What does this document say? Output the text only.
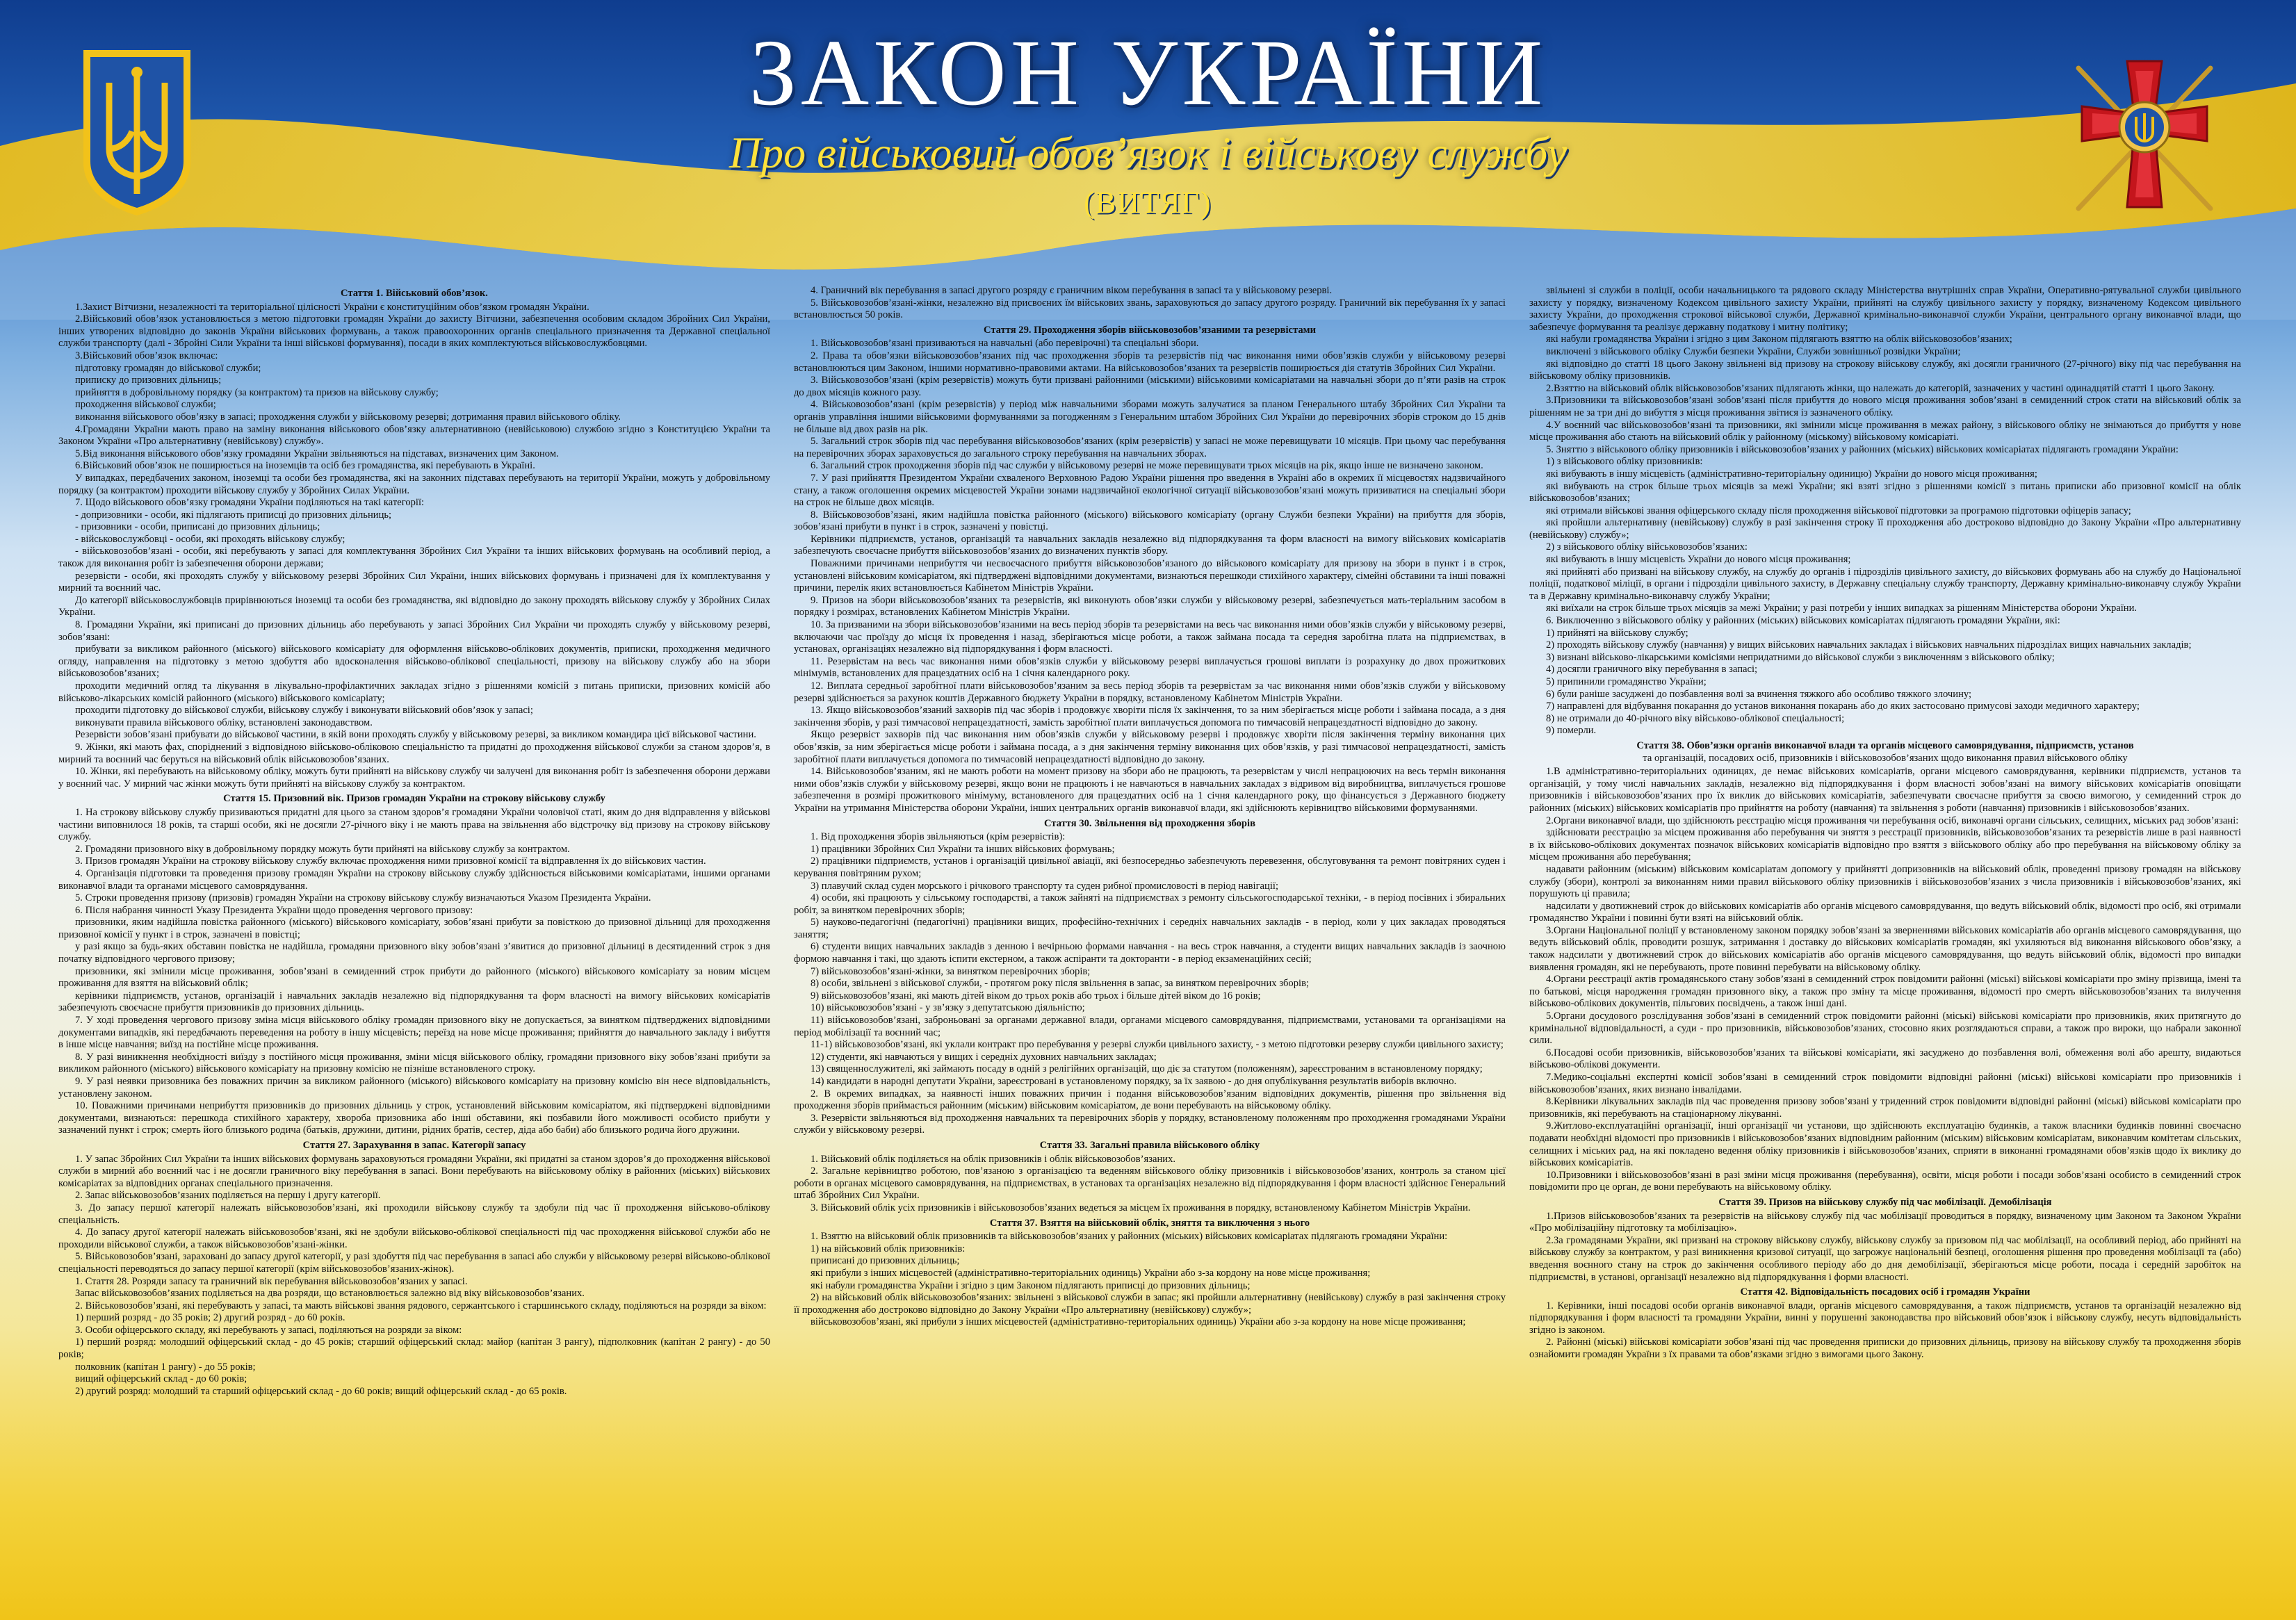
ЗАКОН УКРАЇНИ
Про військовий обов’язок і військову службу
(ВИТЯГ)

Стаття 1. Військовий обов’язок.

1.Захист Вітчизни, незалежності та територіальної цілісності України є конституційним обов’язком громадян України.

2.Військовий обов’язок установлюється з метою підготовки громадян України до захисту Вітчизни, забезпечення особовим складом Збройних Сил України, інших утворених відповідно до законів України військових формувань, а також правоохоронних органів спеціального призначення та Державної спеціальної служби транспорту (далі - Збройні Сили України та інші військові формування), посади в яких комплектуються військовослужбовцями.

3.Військовий обов’язок включає:

підготовку громадян до військової служби;

приписку до призовних дільниць;

прийняття в добровільному порядку (за контрактом) та призов на військову службу;

проходження військової служби;

виконання військового обов’язку в запасі; проходження служби у військовому резерві; дотримання правил військового обліку.

4.Громадяни України мають право на заміну виконання військового обов’язку альтернативною (невійськовою) службою згідно з Конституцією України та Законом України «Про альтернативну (невійськову) службу».

5.Від виконання військового обов’язку громадяни України звільняються на підставах, визначених цим Законом.

6.Військовий обов’язок не поширюється на іноземців та осіб без громадянства, які перебувають в Україні.

У випадках, передбачених законом, іноземці та особи без громадянства, які на законних підставах перебувають на території України, можуть у добровільному порядку (за контрактом) проходити військову службу у Збройних Силах України.

7. Щодо військового обов’язку громадяни України поділяються на такі категорії:

- допризовники - особи, які підлягають приписці до призовних дільниць;

- призовники - особи, приписані до призовних дільниць;

- військовослужбовці - особи, які проходять військову службу;

- військовозобов’язані - особи, які перебувають у запасі для комплектування Збройних Сил України та інших військових формувань на особливий період, а також для виконання робіт із забезпечення оборони держави;

резервісти - особи, які проходять службу у військовому резерві Збройних Сил України, інших військових формувань і призначені для їх комплектування у мирний та воєнний час.

До категорії військовослужбовців прирівнюються іноземці та особи без громадянства, які відповідно до закону проходять військову службу у Збройних Силах України.

8. Громадяни України, які приписані до призовних дільниць або перебувають у запасі Збройних Сил України чи проходять службу у військовому резерві, зобов’язані:

прибувати за викликом районного (міського) військового комісаріату для оформлення військово-облікових документів, приписки, проходження медичного огляду, направлення на підготовку з метою здобуття або вдосконалення військово-облікової спеціальності, призову на військову службу або на збори військовозобов’язаних;

проходити медичний огляд та лікування в лікувально-профілактичних закладах згідно з рішеннями комісій з питань приписки, призовних комісій або військово-лікарських комісій районного (міського) військового комісаріату;

проходити підготовку до військової служби, військову службу і виконувати військовий обов’язок у запасі;

виконувати правила військового обліку, встановлені законодавством.

Резервісти зобов’язані прибувати до військової частини, в якій вони проходять службу у військовому резерві, за викликом командира цієї військової частини.

9. Жінки, які мають фах, споріднений з відповідною військово-обліковою спеціальністю та придатні до проходження військової служби за станом здоров’я, в мирний та воєнний час беруться на військовий облік військовозобов’язаних.

10. Жінки, які перебувають на військовому обліку, можуть бути прийняті на військову службу чи залучені для виконання робіт із забезпечення оборони держави у воєнний час. У мирний час жінки можуть бути прийняті на військову службу за контрактом.

Стаття 15. Призовний вік. Призов громадян України на строкову військову службу

1. На строкову військову службу призиваються придатні для цього за станом здоров’я громадяни України чоловічої статі, яким до дня відправлення у військові частини виповнилося 18 років, та старші особи, які не досягли 27-річного віку і не мають права на звільнення або відстрочку від призову на строкову військову службу.

2. Громадяни призовного віку в добровільному порядку можуть бути прийняті на військову службу за контрактом.

3. Призов громадян України на строкову військову службу включає проходження ними призовної комісії та відправлення їх до військових частин.

4. Організація підготовки та проведення призову громадян України на строкову військову службу здійснюється військовими комісаріатами, іншими органами виконавчої влади та органами місцевого самоврядування.

5. Строки проведення призову (призовів) громадян України на строкову військову службу визначаються Указом Президента України.

6. Після набрання чинності Указу Президента України щодо проведення чергового призову:

призовники, яким надійшла повістка районного (міського) військового комісаріату, зобов’язані прибути за повісткою до призовної дільниці для проходження призовної комісії у пункт і в строк, зазначені в повістці;

у разі якщо за будь-яких обставин повістка не надійшла, громадяни призовного віку зобов’язані з’явитися до призовної дільниці в десятиденний строк з дня початку відповідного чергового призову;

призовники, які змінили місце проживання, зобов’язані в семиденний строк прибути до районного (міського) військового комісаріату за новим місцем проживання для взяття на військовий облік;

керівники підприємств, установ, організацій і навчальних закладів незалежно від підпорядкування та форм власності на вимогу військових комісаріатів забезпечують своєчасне прибуття призовників до призовних дільниць.

7. У ході проведення чергового призову зміна місця військового обліку громадян призовного віку не допускається, за винятком підтверджених відповідними документами випадків, які передбачають переведення на роботу в іншу місцевість; переїзд на нове місце проживання; прийняття до навчального закладу і вибуття в інше місце навчання; виїзд на постійне місце проживання.

8. У разі виникнення необхідності виїзду з постійного місця проживання, зміни місця військового обліку, громадяни призовного віку зобов’язані прибути за викликом районного (міського) військового комісаріату на призовну комісію не пізніше встановленого строку.

9. У разі неявки призовника без поважних причин за викликом районного (міського) військового комісаріату на призовну комісію він несе відповідальність, установлену законом.

10. Поважними причинами неприбуття призовників до призовних дільниць у строк, установлений військовим комісаріатом, які підтверджені відповідними документами, визнаються: перешкода стихійного характеру, хвороба призовника або інші обставини, які позбавили його можливості особисто прибути у зазначений пункт і строк; смерть його близького родича (батьків, дружини, дитини, рідних братів, сестер, діда або баби) або близького родича його дружини.

Стаття 27. Зарахування в запас. Категорії запасу

1. У запас Збройних Сил України та інших військових формувань зараховуються громадяни України, які придатні за станом здоров’я до проходження військової служби в мирний або воєнний час і не досягли граничного віку перебування в запасі. Вони перебувають на військовому обліку в районних (міських) військових комісаріатах за відповідних органах спеціального призначення.

2. Запас військовозобов’язаних поділяється на першу і другу категорії.

3. До запасу першої категорії належать військовозобов’язані, які проходили військову службу та здобули під час її проходження військово-облікову спеціальність.

4. До запасу другої категорії належать військовозобов’язані, які не здобули військово-облікової спеціальності під час проходження військової служби або не проходили військової служби, а також військовозобов’язані-жінки.

5. Військовозобов’язані, зараховані до запасу другої категорії, у разі здобуття під час перебування в запасі або служби у військовому резерві військово-облікової спеціальності переводяться до запасу першої категорії (крім військовозобов’язаних-жінок).

1. Стаття 28. Розряди запасу та граничний вік перебування військовозобов’язаних у запасі.

Запас військовозобов’язаних поділяється на два розряди, що встановлюється залежно від віку військовозобов’язаних.

2. Військовозобов’язані, які перебувають у запасі, та мають військові звання рядового, сержантського і старшинського складу, поділяються на розряди за віком:

1) перший розряд - до 35 років; 2) другий розряд - до 60 років.

3. Особи офіцерського складу, які перебувають у запасі, поділяються на розряди за віком:

1) перший розряд: молодший офіцерський склад - до 45 років; старший офіцерський склад: майор (капітан 3 рангу), підполковник (капітан 2 рангу) - до 50 років;

полковник (капітан 1 рангу) - до 55 років;

вищий офіцерський склад - до 60 років;

2) другий розряд: молодший та старший офіцерський склад - до 60 років; вищий офіцерський склад - до 65 років.

4. Граничний вік перебування в запасі другого розряду є граничним віком перебування в запасі та у військовому резерві.

5. Військовозобов’язані-жінки, незалежно від присвоєних їм військових звань, зараховуються до запасу другого розряду. Граничний вік перебування їх у запасі встановлюється 50 років.

Стаття 29. Проходження зборів військовозобов’язаними та резервістами

1. Військовозобов’язані призиваються на навчальні (або перевірочні) та спеціальні збори.

2. Права та обов’язки військовозобов’язаних під час проходження зборів та резервістів під час виконання ними обов’язків служби у військовому резерві встановлюються цим Законом, іншими нормативно-правовими актами. На військовозобов’язаних та резервістів поширюється дія статутів Збройних Сил України.

3. Військовозобов’язані (крім резервістів) можуть бути призвані районними (міськими) військовими комісаріатами на навчальні збори до п’яти разів на строк до двох місяців кожного разу.

4. Військовозобов’язані (крім резервістів) у період між навчальними зборами можуть залучатися за планом Генерального штабу Збройних Сил України та органів управління іншими військовими формуваннями за погодженням з Генеральним штабом Збройних Сил України до перевірочних зборів строком до 15 днів не більше від двох разів на рік.

5. Загальний строк зборів під час перебування військовозобов’язаних (крім резервістів) у запасі не може перевищувати 10 місяців. При цьому час перебування на перевірочних зборах зараховується до загального строку перебування на навчальних зборах.

6. Загальний строк проходження зборів під час служби у військовому резерві не може перевищувати трьох місяців на рік, якщо інше не визначено законом.

7. У разі прийняття Президентом України схваленого Верховною Радою України рішення про введення в Україні або в окремих її місцевостях надзвичайного стану, а також оголошення окремих місцевостей України зонами надзвичайної екологічної ситуації військовозобов’язані можуть призиватися на спеціальні збори на строк не більше двох місяців.

8. Військовозобов’язані, яким надійшла повістка районного (міського) військового комісаріату (органу Служби безпеки України) на прибуття для зборів, зобов’язані прибути в пункт і в строк, зазначені у повістці.

Керівники підприємств, установ, організацій та навчальних закладів незалежно від підпорядкування та форм власності на вимогу військових комісаріатів забезпечують своєчасне прибуття військовозобов’язаних до визначених пунктів збору.

Поважними причинами неприбуття чи несвоєчасного прибуття військовозобов’язаного до військового комісаріату для призову на збори в пункт і в строк, установлені військовим комісаріатом, які підтверджені відповідними документами, визнаються перешкоди стихійного характеру, сімейні обставини та інші поважні причини, перелік яких встановлюється Кабінетом Міністрів України.

9. Призов на збори військовозобов’язаних та резервістів, які виконують обов’язки служби у військовому резерві, забезпечується мать-теріальним засобом в порядку і розмірах, встановлених Кабінетом Міністрів України.

10. За призваними на збори військовозобов’язаними на весь період зборів та резервістами на весь час виконання ними обов’язків служби у військовому резерві, включаючи час проїзду до місця їх проведення і назад, зберігаються місце роботи, а також займана посада та середня заробітна плата на підприємствах, в установах, організаціях незалежно від підпорядкування і форм власності.

11. Резервістам на весь час виконання ними обов’язків служби у військовому резерві виплачується грошові виплати із розрахунку до двох прожиткових мінімумів, встановлених для працездатних осіб на 1 січня календарного року.

12. Виплата середньої заробітної плати військовозобов’язаним за весь період зборів та резервістам за час виконання ними обов’язків служби у військовому резерві здійснюється за рахунок коштів Державного бюджету України в порядку, встановленому Кабінетом Міністрів України.

13. Якщо військовозобов’язаний захворів під час зборів і продовжує хворіти після їх закінчення, то за ним зберігається місце роботи і займана посада, а з дня закінчення зборів, у разі тимчасової непрацездатності, замість заробітної плати виплачується допомога по тимчасовій непрацездатності відповідно до закону.

Якщо резервіст захворів під час виконання ним обов’язків служби у військовому резерві і продовжує хворіти після закінчення терміну виконання цих обов’язків, за ним зберігається місце роботи і займана посада, а з дня закінчення терміну виконання цих обов’язків, у разі тимчасової непрацездатності, замість заробітної плати виплачується допомога по тимчасовій непрацездатності відповідно до закону.

14. Військовозобов’язаним, які не мають роботи на момент призову на збори або не працюють, та резервістам у числі непрацюючих на весь термін виконання ними обов’язків служби у військовому резерві, якщо вони не працюють і не навчаються в навчальних закладах з відривом від виробництва, виплачується грошове забезпечення в розмірі прожиткового мінімуму, встановленого для працездатних осіб на 1 січня календарного року, що фінансується з Державного бюджету України на утримання Міністерства оборони України, інших центральних органів виконавчої влади, які здійснюють керівництво військовими формуваннями.

Стаття 30. Звільнення від проходження зборів

1. Від проходження зборів звільняються (крім резервістів):

1) працівники Збройних Сил України та інших військових формувань;

2) працівники підприємств, установ і організацій цивільної авіації, які безпосередньо забезпечують перевезення, обслуговування та ремонт повітряних суден і керування повітряним рухом;

3) плавучий склад суден морського і річкового транспорту та суден рибної промисловості в період навігації;

4) особи, які працюють у сільському господарстві, а також зайняті на підприємствах з ремонту сільськогосподарської техніки, - в період посівних і збиральних робіт, за винятком перевірочних зборів;

5) науково-педагогічні (педагогічні) працівники вищих, професійно-технічних і середніх навчальних закладів - в період, коли у цих закладах проводяться заняття;

6) студенти вищих навчальних закладів з денною і вечірньою формами навчання - на весь строк навчання, а студенти вищих навчальних закладів із заочною формою навчання і такі, що здають іспити екстерном, а також аспіранти та докторанти - в період екзаменаційних сесій;

7) військовозобов’язані-жінки, за винятком перевірочних зборів;

8) особи, звільнені з військової служби, - протягом року після звільнення в запас, за винятком перевірочних зборів;

9) військовозобов’язані, які мають дітей віком до трьох років або трьох і більше дітей віком до 16 років;

10) військовозобов’язані - у зв’язку з депутатською діяльністю;

11) військовозобов’язані, заброньовані за органами державної влади, органами місцевого самоврядування, підприємствами, установами та організаціями на період мобілізації та воєнний час;

11-1) військовозобов’язані, які уклали контракт про перебування у резерві служби цивільного захисту, - з метою підготовки резерву служби цивільного захисту;

12) студенти, які навчаються у вищих і середніх духовних навчальних закладах;

13) священнослужителі, які займають посаду в одній з релігійних організацій, що діє за статутом (положенням), зареєстрованим в встановленому порядку;

14) кандидати в народні депутати України, зареєстровані в установленому порядку, за їх заявою - до дня опублікування результатів виборів включно.

2. В окремих випадках, за наявності інших поважних причин і подання військовозобов’язаним відповідних документів, рішення про звільнення від проходження зборів приймається районним (міським) військовим комісаріатом, де вони перебувають на військовому обліку.

3. Резервісти звільняються від проходження навчальних та перевірочних зборів у порядку, встановленому положенням про проходження громадянами України служби у військовому резерві.

Стаття 33. Загальні правила військового обліку

1. Військовий облік поділяється на облік призовників і облік військовозобов’язаних.

2. Загальне керівництво роботою, пов’язаною з організацією та веденням військового обліку призовників і військовозобов’язаних, контроль за станом цієї роботи в органах місцевого самоврядування, на підприємствах, в установах та організаціях незалежно від підпорядкування і форм власності здійснює Генеральний штаб Збройних Сил України.

3. Військовий облік усіх призовників і військовозобов’язаних ведеться за місцем їх проживання в порядку, встановленому Кабінетом Міністрів України.

Стаття 37. Взяття на військовий облік, зняття та виключення з нього

1. Взяттю на військовий облік призовників та військовозобов’язаних у районних (міських) військових комісаріатах підлягають громадяни України:

1) на військовий облік призовників:

приписані до призовних дільниць;

які прибули з інших місцевостей (адміністративно-територіальних одиниць) України або з-за кордону на нове місце проживання;

які набули громадянства України і згідно з цим Законом підлягають приписці до призовних дільниць;

2) на військовий облік військовозобов’язаних: звільнені з військової служби в запас; які пройшли альтернативну (невійськову) службу в разі закінчення строку її проходження або достроково відповідно до Закону України «Про альтернативну (невійськову) службу»;

військовозобов’язані, які прибули з інших місцевостей (адміністративно-територіальних одиниць) України або з-за кордону на нове місце проживання;

звільнені зі служби в поліції, особи начальницького та рядового складу Міністерства внутрішніх справ України, Оперативно-рятувальної служби цивільного захисту у порядку, визначеному Кодексом цивільного захисту України, прийняті на службу цивільного захисту у порядку, визначеному Кодексом цивільного захисту України, до проходження строкової військової служби, Державної кримінально-виконавчої служби України, центрального органу виконавчої влади, що забезпечує формування та реалізує державну податкову і митну політику;

які набули громадянства України і згідно з цим Законом підлягають взяттю на облік військовозобов’язаних;

виключені з військового обліку Служби безпеки України, Служби зовнішньої розвідки України;

які відповідно до статті 18 цього Закону звільнені від призову на строкову військову службу, які досягли граничного (27-річного) віку під час перебування на військовому обліку призовників.

2.Взяттю на військовий облік військовозобов’язаних підлягають жінки, що належать до категорій, зазначених у частині одинадцятій статті 1 цього Закону.

3.Призовники та військовозобов’язані зобов’язані після прибуття до нового місця проживання зобов’язані в семиденний строк стати на військовий облік за рішенням не за три дні до вибуття з місця проживання звітися із зазначеного обліку.

4.У воєнний час військовозобов’язані та призовники, які змінили місце проживання в межах району, з військового обліку не знімаються до прибуття у нове місце проживання або стають на військовий облік у районному (міському) військовому комісаріаті.

5. Зняттю з військового обліку призовників і військовозобов’язаних у районних (міських) військових комісаріатах підлягають громадяни України:

1) з військового обліку призовників:

які вибувають в іншу місцевість (адміністративно-територіальну одиницю) України до нового місця проживання;

які вибувають на строк більше трьох місяців за межі України; які взяті згідно з рішеннями комісії з питань приписки або призовної комісії на облік військовозобов’язаних;

які отримали військові звання офіцерського складу після проходження військової підготовки за програмою підготовки офіцерів запасу;

які пройшли альтернативну (невійськову) службу в разі закінчення строку її проходження або достроково відповідно до Закону України «Про альтернативну (невійськову) службу»;

2) з військового обліку військовозобов’язаних:

які вибувають в іншу місцевість України до нового місця проживання;

які прийняті або призвані на військову службу, на службу до органів і підрозділів цивільного захисту, до військових формувань або на службу до Національної поліції, податкової міліції, в органи і підрозділи цивільного захисту, в Державну спеціальну службу транспорту, Державну кримінально-виконавчу службу України та в Державну кримінально-виконавчу службу України;

які виїхали на строк більше трьох місяців за межі України; у разі потреби у інших випадках за рішенням Міністерства оборони України.

6. Виключенню з військового обліку у районних (міських) військових комісаріатах підлягають громадяни України, які:

1) прийняті на військову службу;

2) проходять військову службу (навчання) у вищих військових навчальних закладах і військових навчальних підрозділах вищих навчальних закладів;

3) визнані військово-лікарськими комісіями непридатними до військової служби з виключенням з військового обліку;

4) досягли граничного віку перебування в запасі;

5) припинили громадянство України;

6) були раніше засуджені до позбавлення волі за вчинення тяжкого або особливо тяжкого злочину;

7) направлені для відбування покарання до установ виконання покарань або до яких застосовано примусові заходи медичного характеру;

8) не отримали до 40-річного віку військово-облікової спеціальності;

9) померли.

Стаття 38. Обов’язки органів виконавчої влади та органів місцевого самоврядування, підприємств, установ
та організацій, посадових осіб, призовників і військовозобов’язаних щодо виконання правил військового обліку

1.В адміністративно-територіальних одиницях, де немає військових комісаріатів, органи місцевого самоврядування, керівники підприємств, установ та організацій, у тому числі навчальних закладів, незалежно від підпорядкування і форм власності зобов’язані на вимогу військових комісаріатів оповіщати призовників і військовозобов’язаних про їх виклик до військових комісаріатів, забезпечувати своєчасне прибуття за своєю вимогою, у семиденний строк до районних (міських) військових комісаріатів про прийняття на роботу (навчання) та звільнення з роботи (навчання) призовників і військовозобов’язаних.

2.Органи виконавчої влади, що здійснюють реєстрацію місця проживання чи перебування осіб, виконавчі органи сільських, селищних, міських рад зобов’язані:

здійснювати реєстрацію за місцем проживання або перебування чи зняття з реєстрації призовників, військовозобов’язаних та резервістів лише в разі наявності в їх військово-облікових документах позначок військових комісаріатів відповідно про взяття з військового обліку або про перебування на військовому обліку за місцем проживання або перебування;

надавати районним (міським) військовим комісаріатам допомогу у прийнятті допризовників на військовий облік, проведенні призову громадян на військову службу (збори), контролі за виконанням ними правил військового обліку призовників і військовозобов’язаних з числа призовників і військовозобов’язаних, які порушують ці правила;

надсилати у двотижневий строк до військових комісаріатів або органів місцевого самоврядування, що ведуть військовий облік, відомості про осіб, які отримали громадянство України і повинні бути взяті на військовий облік.

3.Органи Національної поліції у встановленому законом порядку зобов’язані за зверненнями військових комісаріатів або органів місцевого самоврядування, що ведуть військовий облік, проводити розшук, затримання і доставку до військових комісаріатів громадян, які ухиляються від виконання військового обов’язку, а також надсилати у двотижневий строк до військових комісаріатів або органів місцевого самоврядування, що ведуть військовий облік, відомості про випадки виявлення громадян, які не перебувають, проте повинні перебувати на військовому обліку.

4.Органи реєстрації актів громадянського стану зобов’язані в семиденний строк повідомити районні (міські) військові комісаріати про зміну прізвища, імені та по батькові, місця народження громадян призовного віку, а також про зміну та місце проживання, відомості про смерть військовозобов’язаних та вилучення військово-облікових документів, пільгових посвідчень, а також інші дані.

5.Органи досудового розслідування зобов’язані в семиденний строк повідомити районні (міські) військові комісаріати про призовників, яких притягнуто до кримінальної відповідальності, а суди - про призовників, військовозобов’язаних, стосовно яких розглядаються справи, а також про вироки, що набрали законної сили.

6.Посадові особи призовників, військовозобов’язаних та військові комісаріати, які засуджено до позбавлення волі, обмеження волі або арешту, видаються військово-облікові документи.

7.Медико-соціальні експертні комісії зобов’язані в семиденний строк повідомити відповідні районні (міські) військові комісаріати про призовників і військовозобов’язаних, яких визнано інвалідами.

8.Керівники лікувальних закладів під час проведення призову зобов’язані у триденний строк повідомити відповідні районні (міські) військові комісаріати про призовників, які перебувають на стаціонарному лікуванні.

9.Житлово-експлуатаційні організації, інші організації чи установи, що здійснюють експлуатацію будинків, а також власники будинків повинні своєчасно подавати необхідні відомості про призовників і військовозобов’язаних відповідним районним (міським) військовим комісаріатам, виконавчим комітетам сільських, селищних і міських рад, на які покладено ведення обліку призовників і військовозобов’язаних, сприяти в виконанні громадянами обов’язків щодо їх виклику до військових комісаріатів.

10.Призовники і військовозобов’язані в разі зміни місця проживання (перебування), освіти, місця роботи і посади зобов’язані особисто в семиденний строк повідомити про це орган, де вони перебувають на військовому обліку.

Стаття 39. Призов на військову службу під час мобілізації. Демобілізація

1.Призов військовозобов’язаних та резервістів на військову службу під час мобілізації проводиться в порядку, визначеному цим Законом та Законом України «Про мобілізаційну підготовку та мобілізацію».

2.За громадянами України, які призвані на строкову військову службу, військову службу за призовом під час мобілізації, на особливий період, або прийняті на військову службу за контрактом, у разі виникнення кризової ситуації, що загрожує національній безпеці, оголошення рішення про проведення мобілізації та (або) введення воєнного стану на строк до закінчення особливого періоду або до дня демобілізації, зберігаються місце роботи, посада і середній заробіток на підприємстві, в установі, організації незалежно від підпорядкування і форми власності.

Стаття 42. Відповідальність посадових осіб і громадян України

1. Керівники, інші посадові особи органів виконавчої влади, органів місцевого самоврядування, а також підприємств, установ та організацій незалежно від підпорядкування і форм власності та громадяни України, винні у порушенні законодавства про військовий обов’язок і військову службу, несуть відповідальність згідно із законом.

2. Районні (міські) військові комісаріати зобов’язані під час проведення приписки до призовних дільниць, призову на військову службу та проходження зборів ознайомити громадян України з їх правами та обов’язками згідно з вимогами цього Закону.
